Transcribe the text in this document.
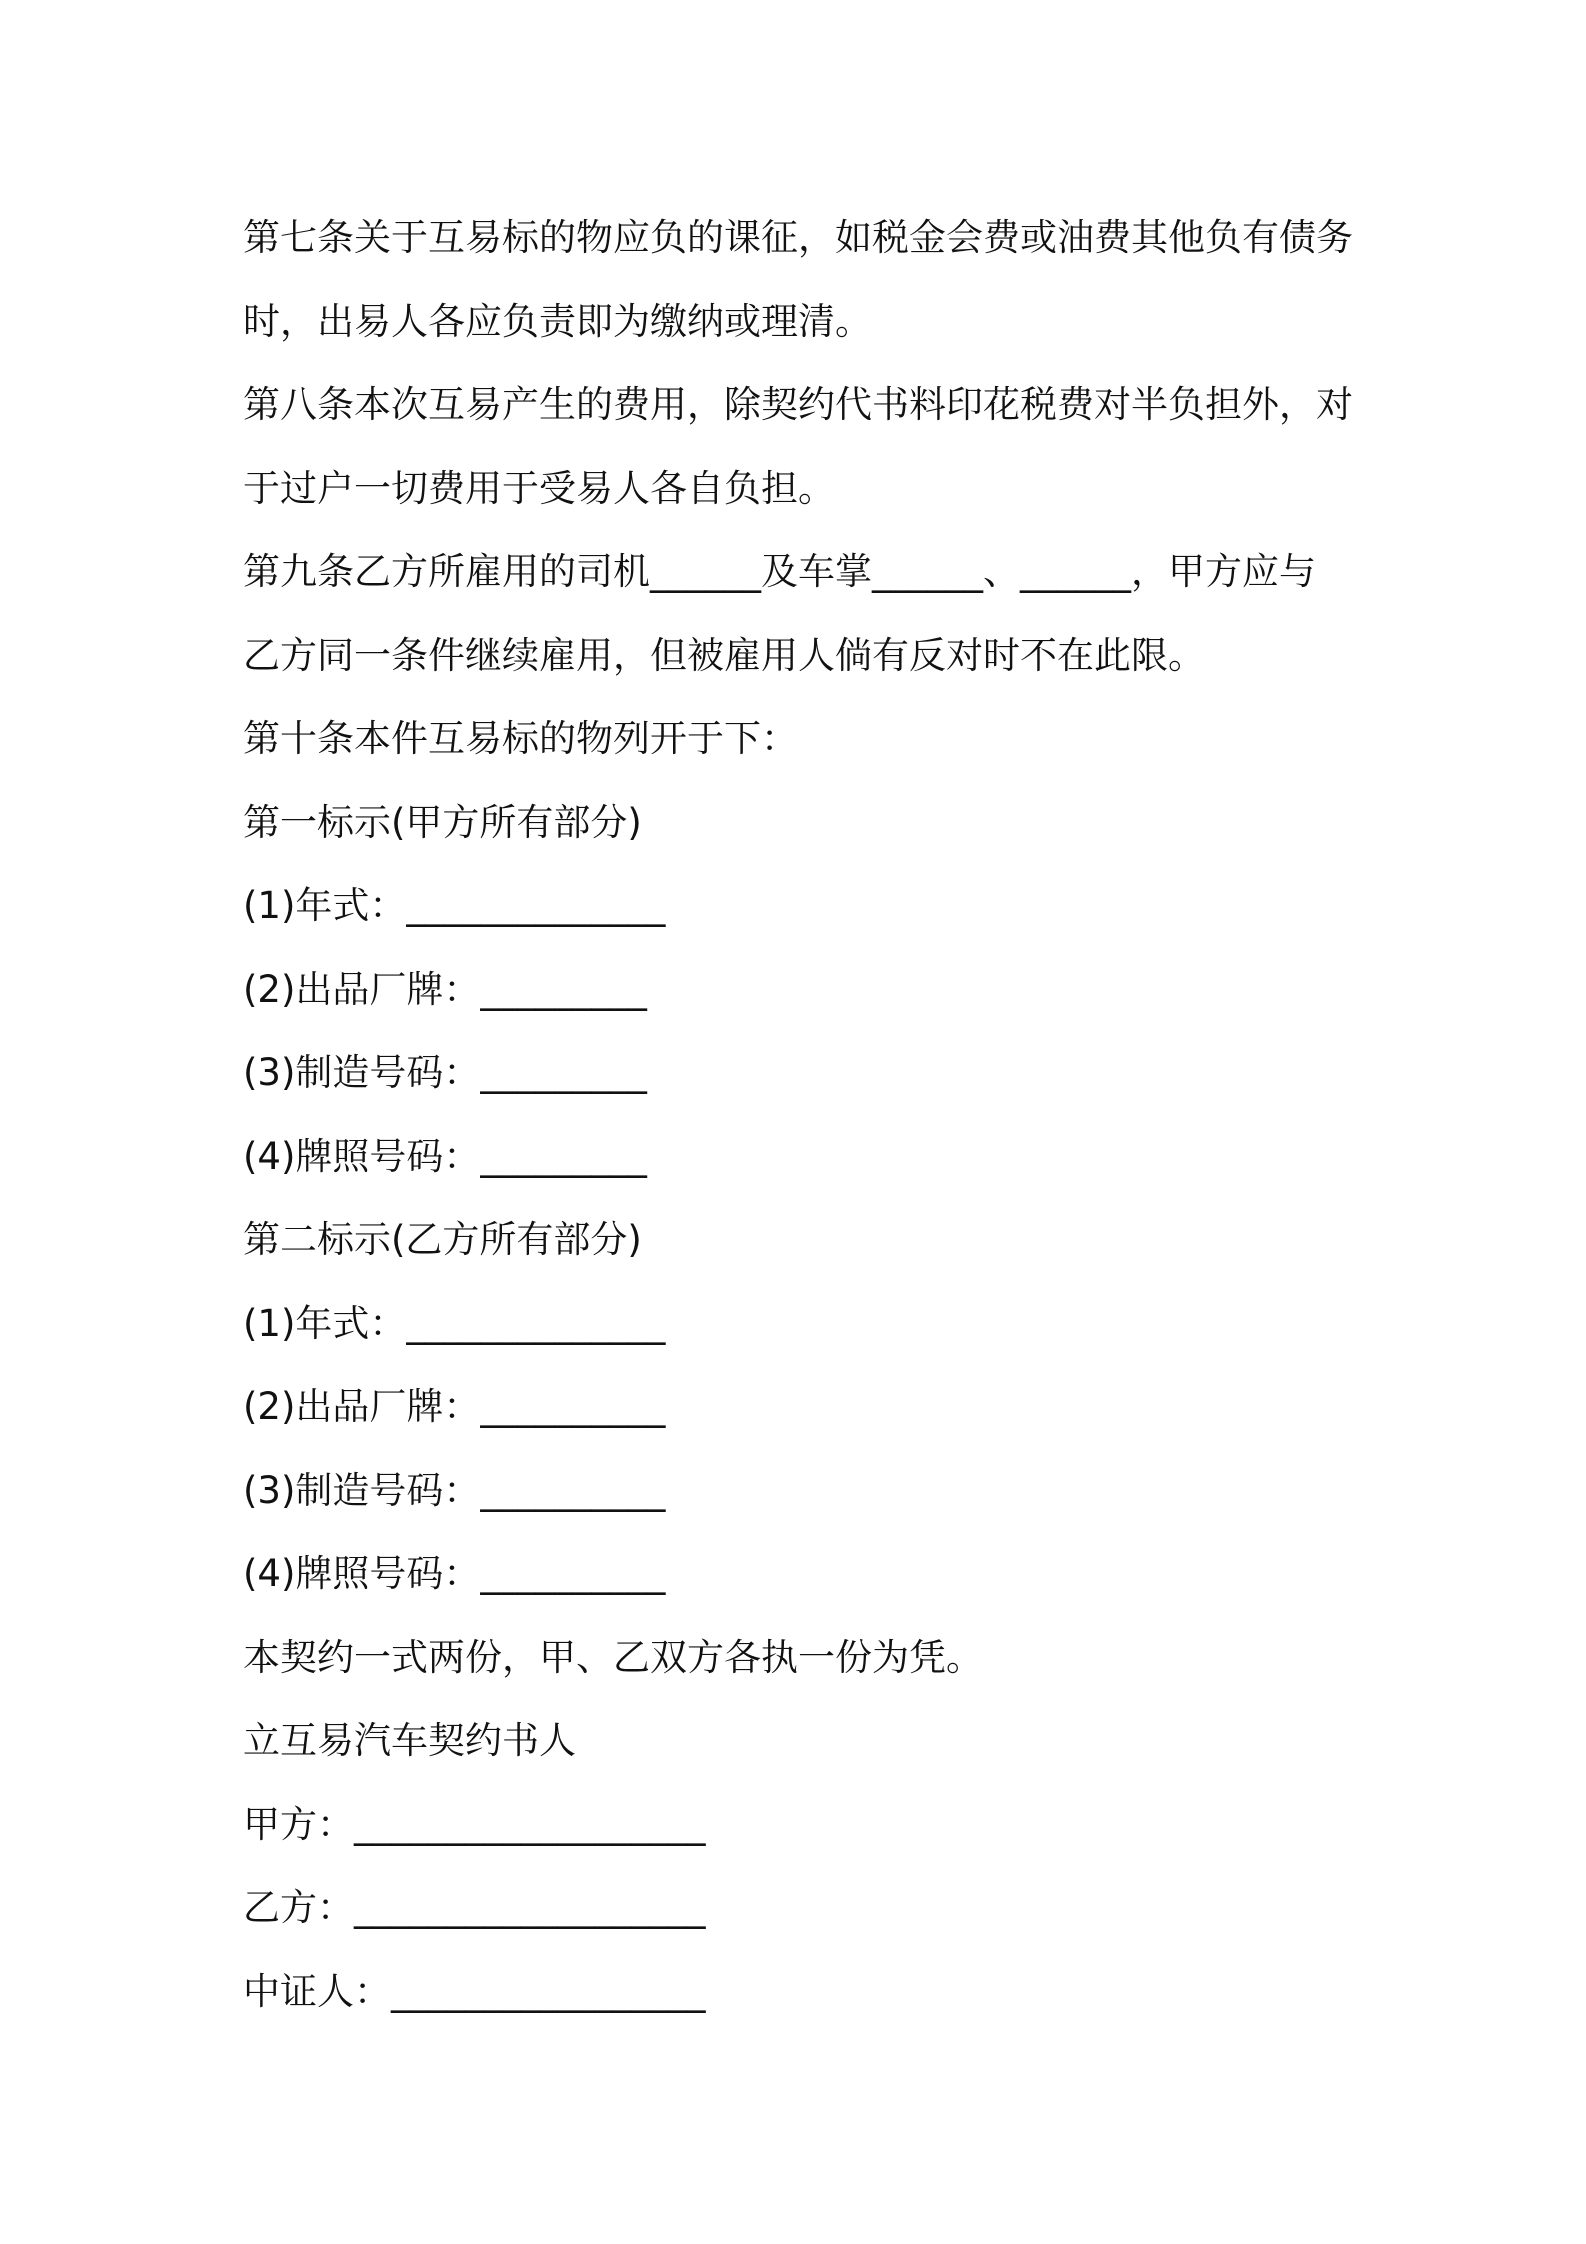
第七条关于互易标的物应负的课征，如税金会费或油费其他负有债务
时，出易人各应负责即为缴纳或理清。
第八条本次互易产生的费用，除契约代书料印花税费对半负担外，对
于过户一切费用于受易人各自负担。
第九条乙方所雇用的司机______及车掌______、______，甲方应与
乙方同一条件继续雇用，但被雇用人倘有反对时不在此限。
第十条本件互易标的物列开于下：
第一标示(甲方所有部分)
(1)年式：______________
(2)出品厂牌：_________
(3)制造号码：_________
(4)牌照号码：_________
第二标示(乙方所有部分)
(1)年式：______________
(2)出品厂牌：__________
(3)制造号码：__________
(4)牌照号码：__________
本契约一式两份，甲、乙双方各执一份为凭。
立互易汽车契约书人
甲方：___________________
乙方：___________________
中证人：_________________
